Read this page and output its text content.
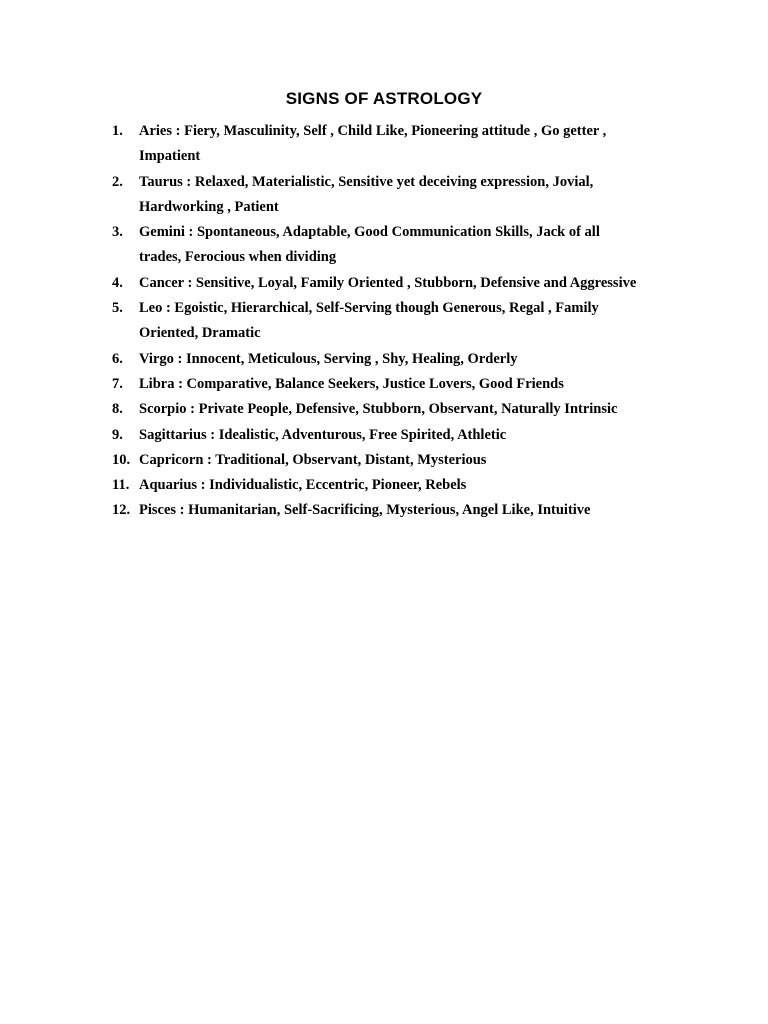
SIGNS OF ASTROLOGY
1.	Aries : Fiery, Masculinity, Self , Child Like, Pioneering attitude , Go getter ,
Impatient
2.	Taurus : Relaxed, Materialistic, Sensitive yet deceiving expression, Jovial,
Hardworking , Patient
3.	Gemini : Spontaneous, Adaptable, Good Communication Skills, Jack of all
trades, Ferocious when dividing
4.	Cancer : Sensitive, Loyal, Family Oriented , Stubborn, Defensive and Aggressive
5.	Leo : Egoistic, Hierarchical, Self-Serving though Generous, Regal , Family
Oriented, Dramatic
6.	Virgo : Innocent, Meticulous, Serving , Shy, Healing, Orderly
7.	Libra : Comparative, Balance Seekers, Justice Lovers, Good Friends
8.	Scorpio : Private People, Defensive, Stubborn, Observant, Naturally Intrinsic
9.	Sagittarius : Idealistic, Adventurous, Free Spirited, Athletic
10. Capricorn : Traditional, Observant, Distant, Mysterious
11. Aquarius : Individualistic, Eccentric, Pioneer, Rebels
12. Pisces : Humanitarian, Self-Sacrificing, Mysterious, Angel Like, Intuitive
